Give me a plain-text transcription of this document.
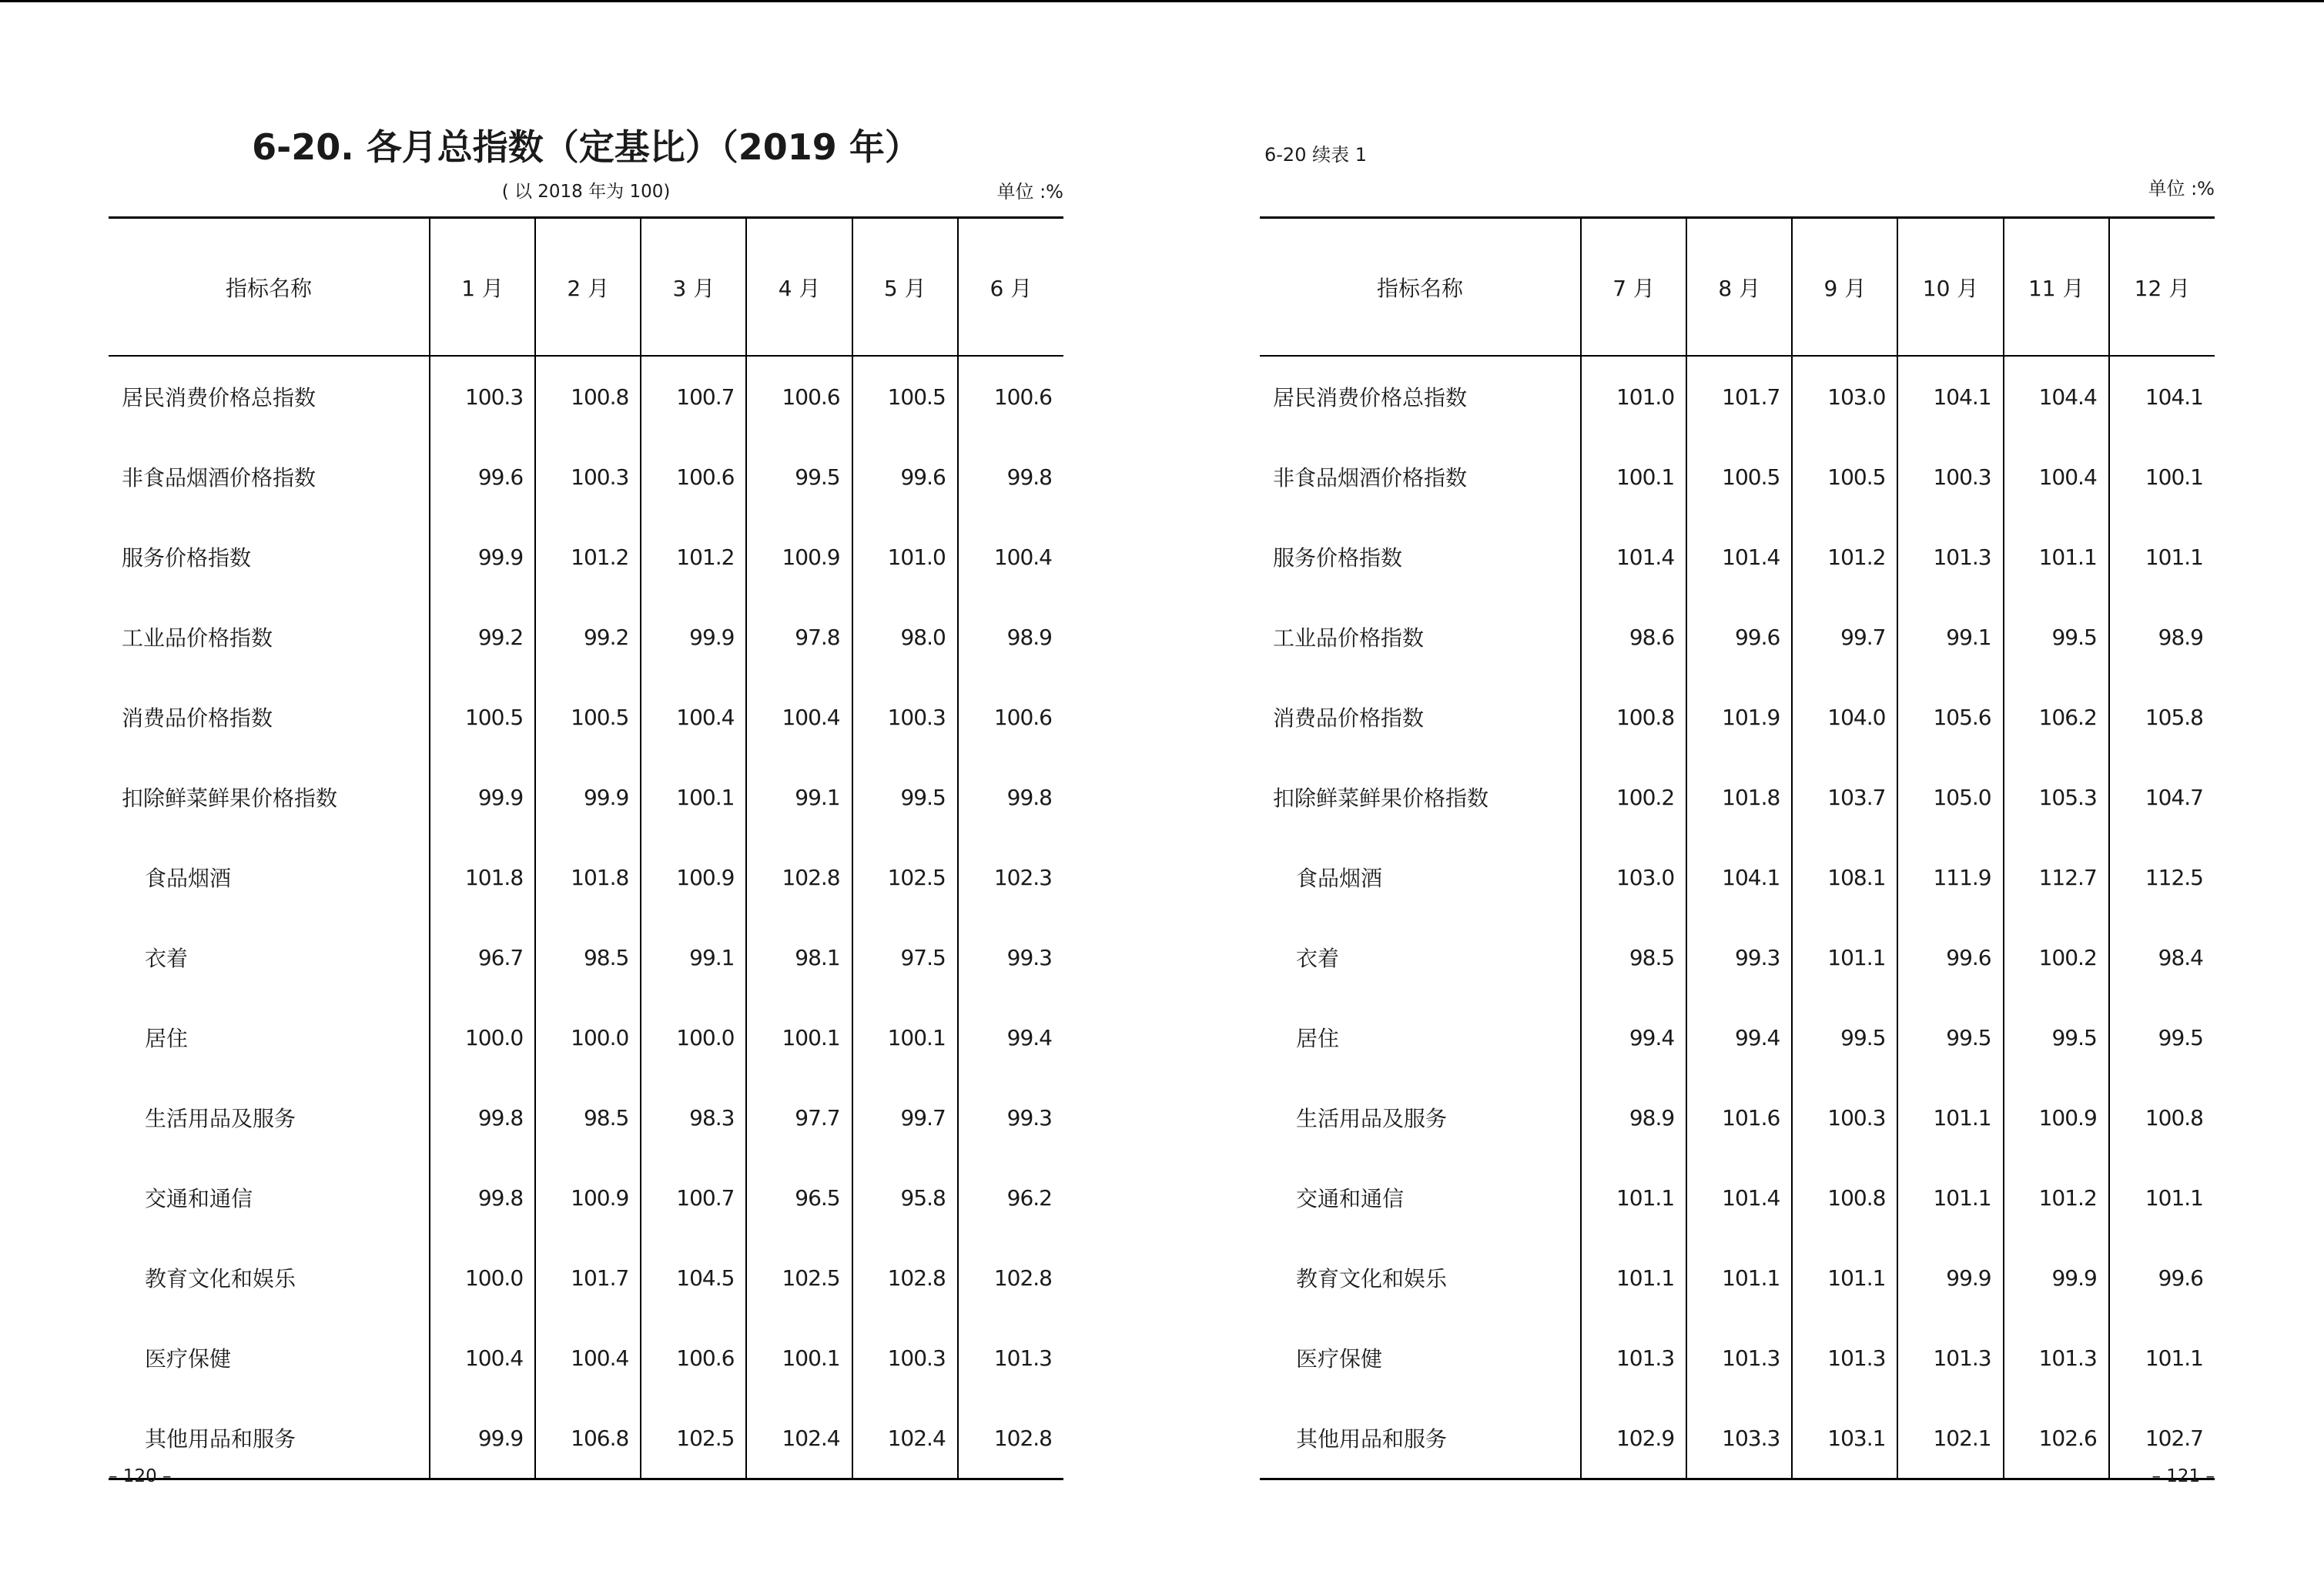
6-20. 各月总指数（定基比）（2019 年）
( 以 2018 年为 100)	单位 :%
指标名称	1 月	2 月	3 月	4 月	5 月	6 月
居民消费价格总指数	100.3	100.8	100.7	100.6	100.5	100.6
非食品烟酒价格指数	99.6	100.3	100.6	99.5	99.6	99.8
服务价格指数	99.9	101.2	101.2	100.9	101.0	100.4
工业品价格指数	99.2	99.2	99.9	97.8	98.0	98.9
消费品价格指数	100.5	100.5	100.4	100.4	100.3	100.6
扣除鲜菜鲜果价格指数	99.9	99.9	100.1	99.1	99.5	99.8
食品烟酒	101.8	101.8	100.9	102.8	102.5	102.3
衣着	96.7	98.5	99.1	98.1	97.5	99.3
居住	100.0	100.0	100.0	100.1	100.1	99.4
生活用品及服务	99.8	98.5	98.3	97.7	99.7	99.3
交通和通信	99.8	100.9	100.7	96.5	95.8	96.2
教育文化和娱乐	100.0	101.7	104.5	102.5	102.8	102.8
医疗保健	100.4	100.4	100.6	100.1	100.3	101.3
其他用品和服务	99.9	106.8	102.5	102.4	102.4	102.8
– 120 –
6-20 续表 1
单位 :%
指标名称	7 月	8 月	9 月	10 月	11 月	12 月
居民消费价格总指数	101.0	101.7	103.0	104.1	104.4	104.1
非食品烟酒价格指数	100.1	100.5	100.5	100.3	100.4	100.1
服务价格指数	101.4	101.4	101.2	101.3	101.1	101.1
工业品价格指数	98.6	99.6	99.7	99.1	99.5	98.9
消费品价格指数	100.8	101.9	104.0	105.6	106.2	105.8
扣除鲜菜鲜果价格指数	100.2	101.8	103.7	105.0	105.3	104.7
食品烟酒	103.0	104.1	108.1	111.9	112.7	112.5
衣着	98.5	99.3	101.1	99.6	100.2	98.4
居住	99.4	99.4	99.5	99.5	99.5	99.5
生活用品及服务	98.9	101.6	100.3	101.1	100.9	100.8
交通和通信	101.1	101.4	100.8	101.1	101.2	101.1
教育文化和娱乐	101.1	101.1	101.1	99.9	99.9	99.6
医疗保健	101.3	101.3	101.3	101.3	101.3	101.1
其他用品和服务	102.9	103.3	103.1	102.1	102.6	102.7
– 121 –
